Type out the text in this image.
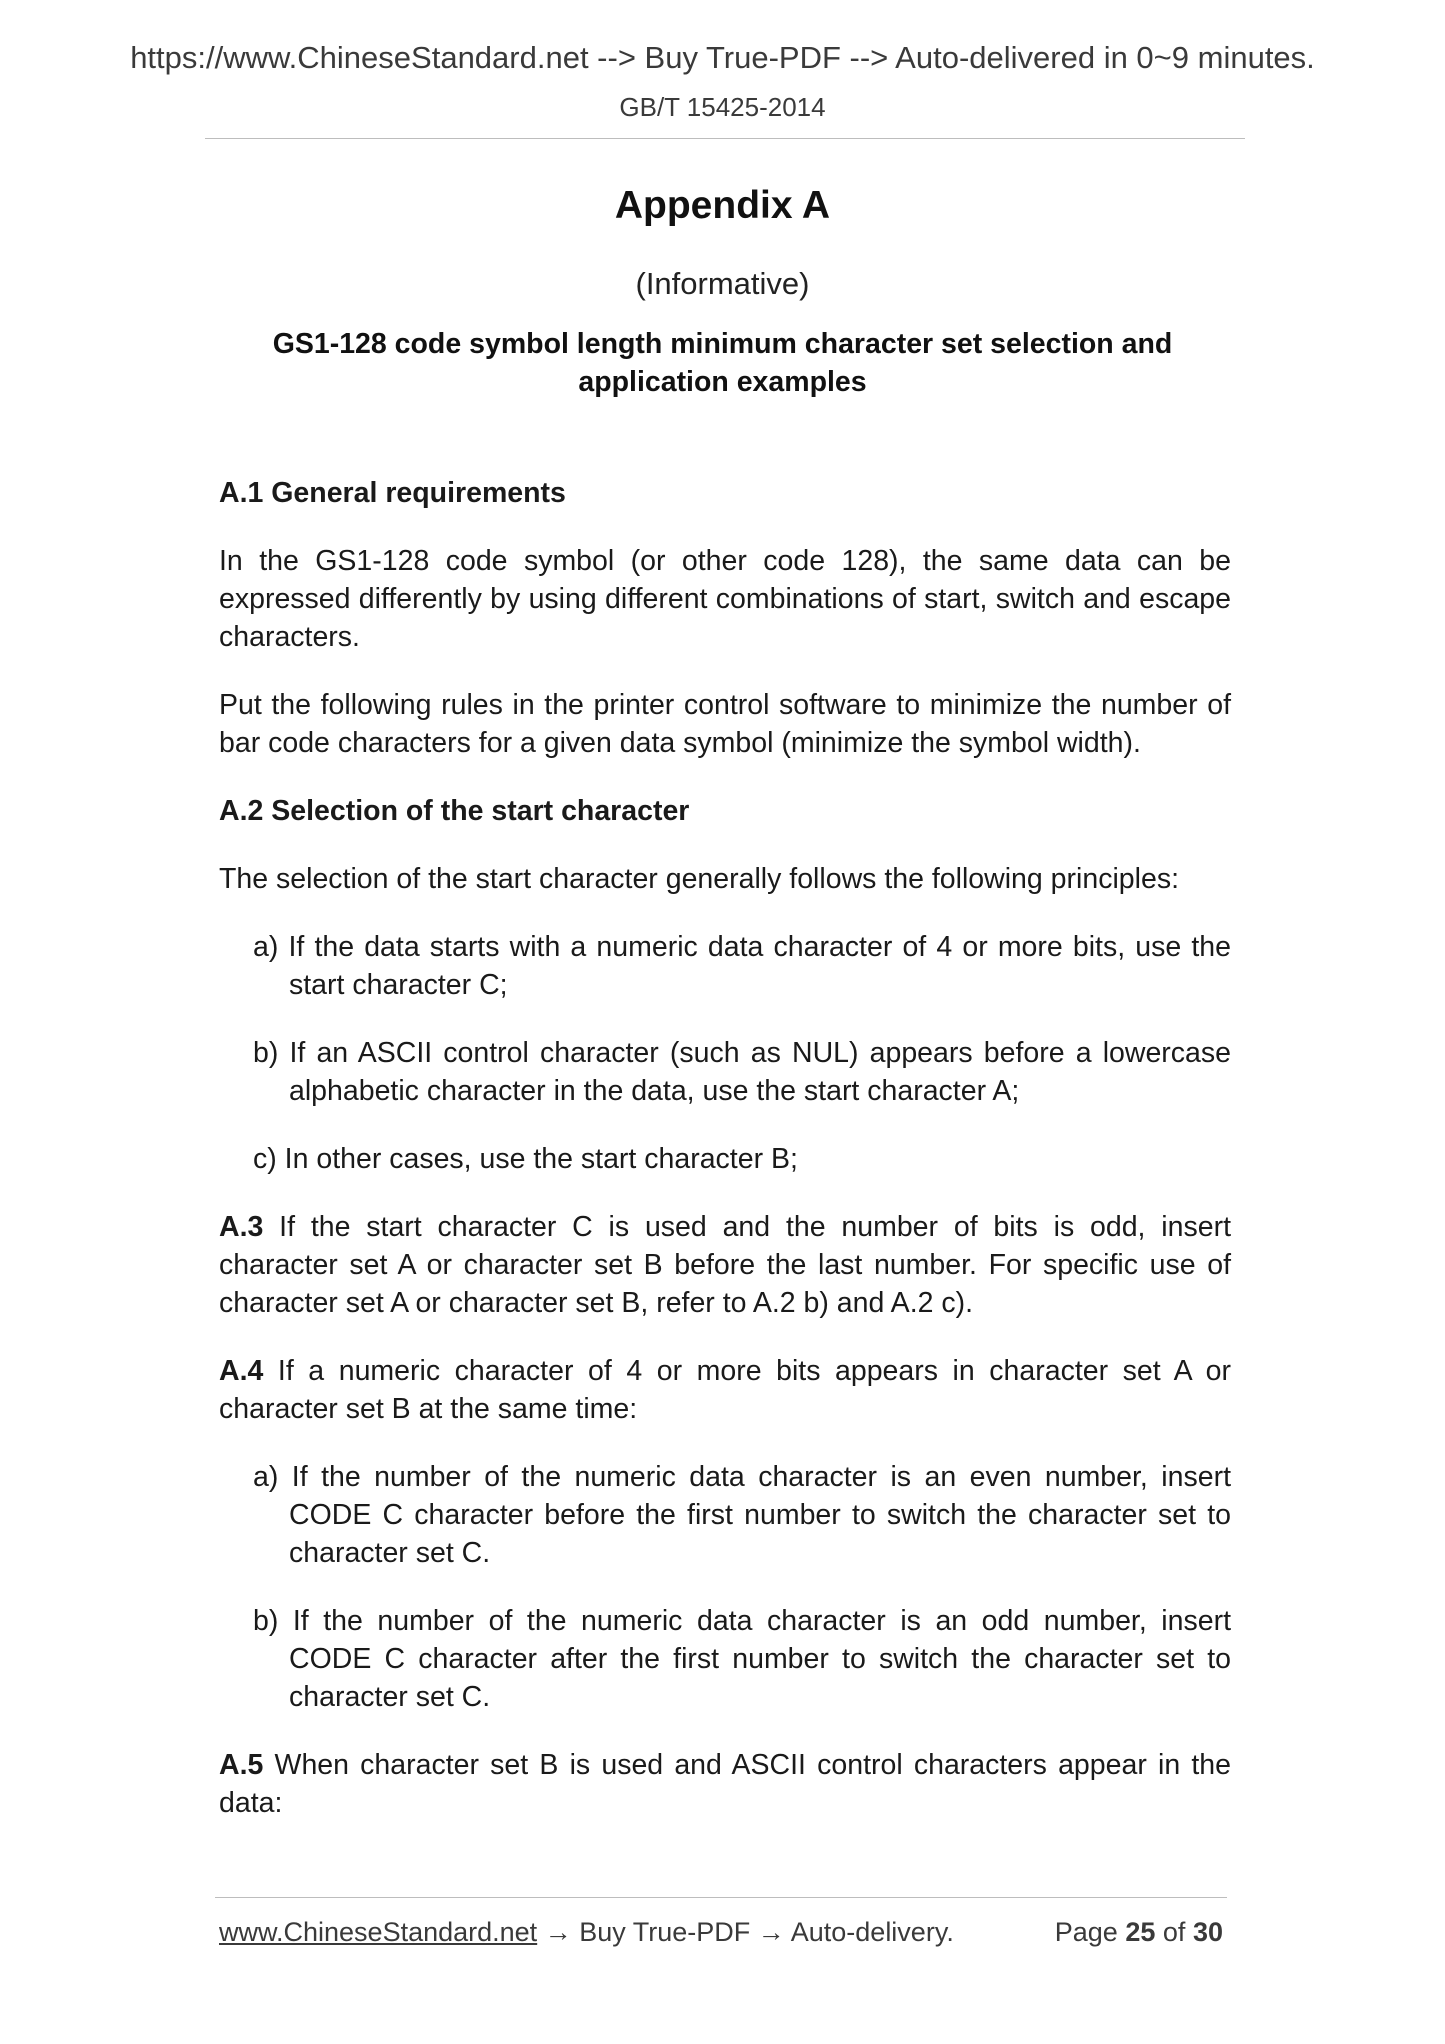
https://www.ChineseStandard.net --> Buy True-PDF --> Auto-delivered in 0~9 minutes.
GB/T 15425-2014
Appendix A
(Informative)
GS1-128 code symbol length minimum character set selection and
application examples
A.1 General requirements

In the GS1-128 code symbol (or other code 128), the same data can be expressed differently by using different combinations of start, switch and escape characters.

Put the following rules in the printer control software to minimize the number of bar code characters for a given data symbol (minimize the symbol width).

A.2 Selection of the start character

The selection of the start character generally follows the following principles:

a) If the data starts with a numeric data character of 4 or more bits, use the start character C;
b) If an ASCII control character (such as NUL) appears before a lowercase alphabetic character in the data, use the start character A;
c) In other cases, use the start character B;

A.3 If the start character C is used and the number of bits is odd, insert character set A or character set B before the last number. For specific use of character set A or character set B, refer to A.2 b) and A.2 c).

A.4 If a numeric character of 4 or more bits appears in character set A or character set B at the same time:

a) If the number of the numeric data character is an even number, insert CODE C character before the first number to switch the character set to character set C.
b) If the number of the numeric data character is an odd number, insert CODE C character after the first number to switch the character set to character set C.

A.5 When character set B is used and ASCII control characters appear in the data:

www.ChineseStandard.net → Buy True-PDF → Auto-delivery.	Page 25 of 30
